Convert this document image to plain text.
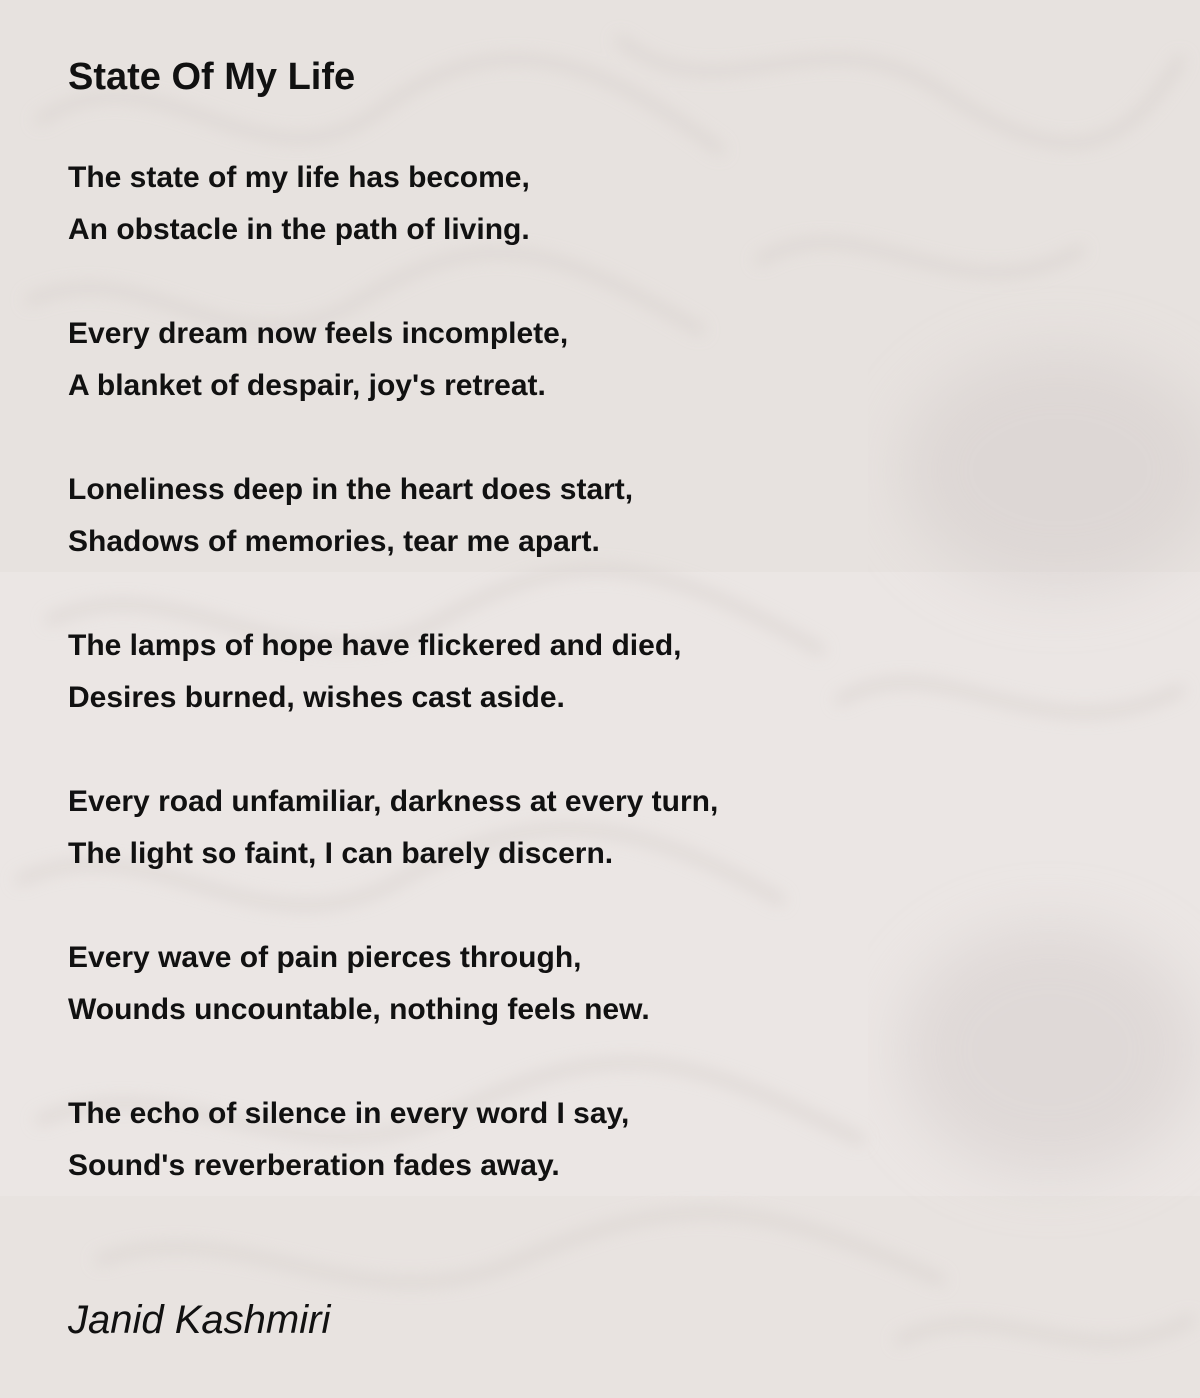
State Of My Life
The state of my life has become,
An obstacle in the path of living.
Every dream now feels incomplete,
A blanket of despair, joy's retreat.
Loneliness deep in the heart does start,
Shadows of memories, tear me apart.
The lamps of hope have flickered and died,
Desires burned, wishes cast aside.
Every road unfamiliar, darkness at every turn,
The light so faint, I can barely discern.
Every wave of pain pierces through,
Wounds uncountable, nothing feels new.
The echo of silence in every word I say,
Sound's reverberation fades away.

Janid Kashmiri
